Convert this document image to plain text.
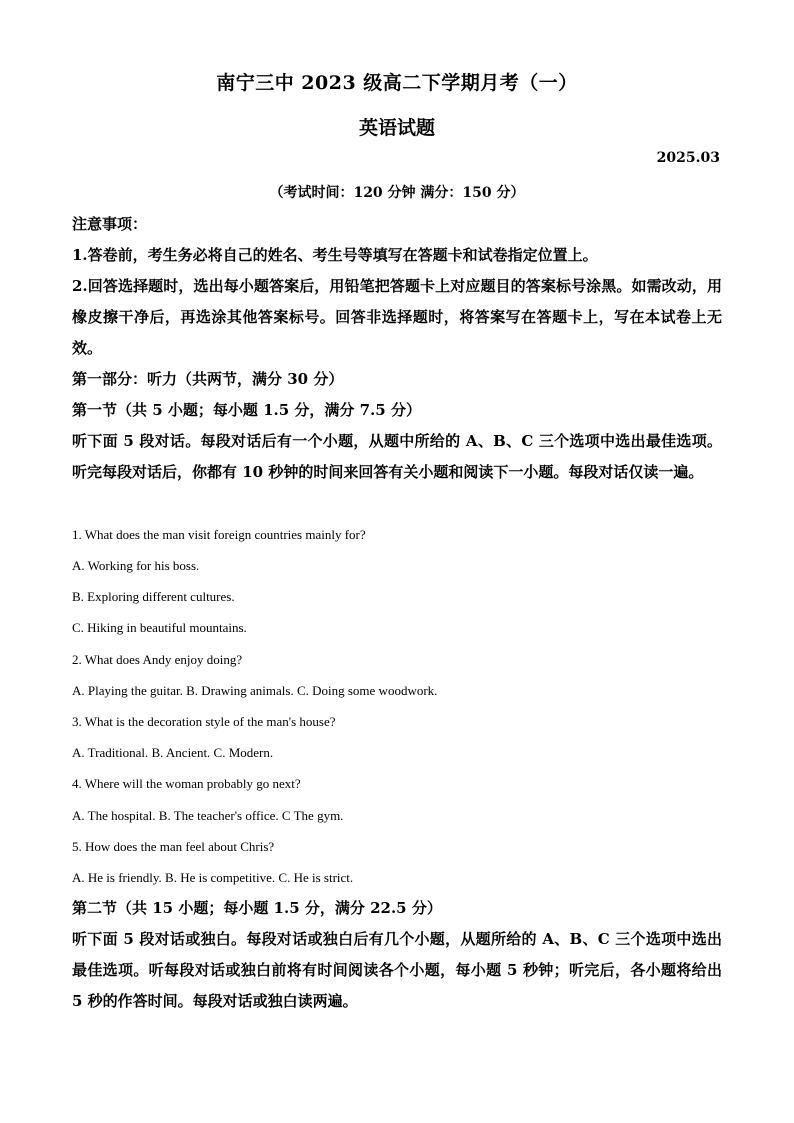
南宁三中 2023 级高二下学期月考（一）
英语试题
2025.03
（考试时间：120 分钟 满分：150 分）
注意事项：
1.答卷前，考生务必将自己的姓名、考生号等填写在答题卡和试卷指定位置上。
2.回答选择题时，选出每小题答案后，用铅笔把答题卡上对应题目的答案标号涂黑。如需改动，用橡皮擦干净后，再选涂其他答案标号。回答非选择题时，将答案写在答题卡上，写在本试卷上无效。
第一部分：听力（共两节，满分 30 分）
第一节（共 5 小题；每小题 1.5 分，满分 7.5 分）
听下面 5 段对话。每段对话后有一个小题，从题中所给的 A、B、C 三个选项中选出最佳选项。听完每段对话后，你都有 10 秒钟的时间来回答有关小题和阅读下一小题。每段对话仅读一遍。
1. What does the man visit foreign countries mainly for?
A. Working for his boss.
B. Exploring different cultures.
C. Hiking in beautiful mountains.
2. What does Andy enjoy doing?
A. Playing the guitar. B. Drawing animals. C. Doing some woodwork.
3. What is the decoration style of the man's house?
A. Traditional. B. Ancient. C. Modern.
4. Where will the woman probably go next?
A. The hospital. B. The teacher's office. C The gym.
5. How does the man feel about Chris?
A. He is friendly. B. He is competitive. C. He is strict.
第二节（共 15 小题；每小题 1.5 分，满分 22.5 分）
听下面 5 段对话或独白。每段对话或独白后有几个小题，从题所给的 A、B、C 三个选项中选出最佳选项。听每段对话或独白前将有时间阅读各个小题，每小题 5 秒钟；听完后，各小题将给出 5 秒的作答时间。每段对话或独白读两遍。
